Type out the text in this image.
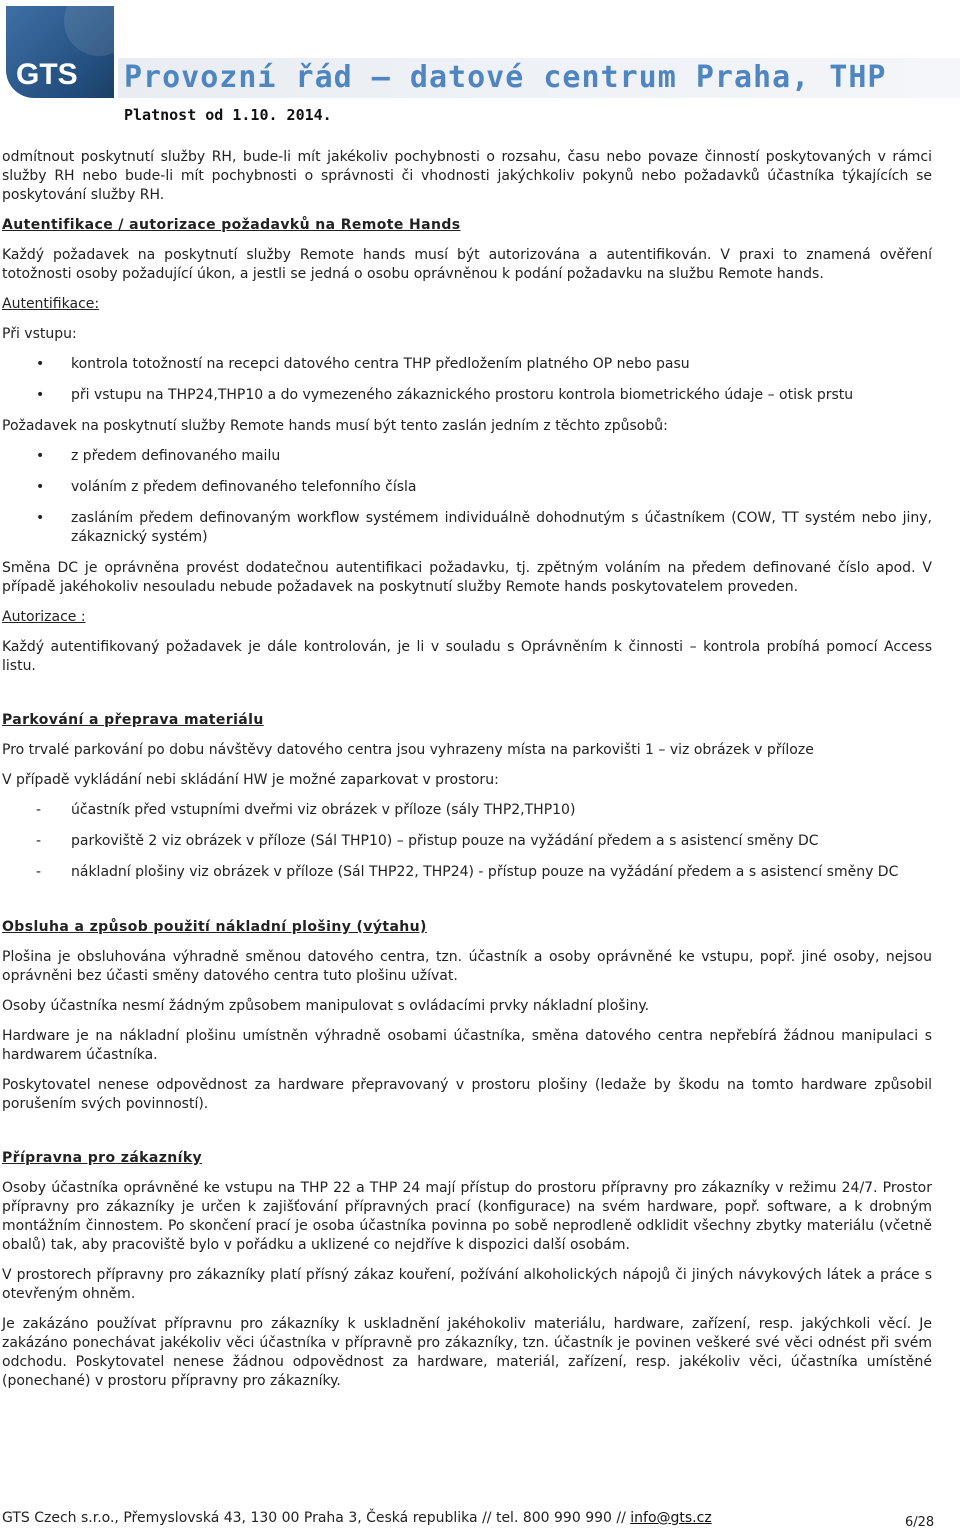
GTS Provozní řád – datové centrum Praha, THP
Platnost od 1.10. 2014.

odmítnout poskytnutí služby RH, bude-li mít jakékoliv pochybnosti o rozsahu, času nebo povaze činností poskytovaných v rámci služby RH nebo bude-li mít pochybnosti o správnosti či vhodnosti jakýchkoliv pokynů nebo požadavků účastníka týkajících se poskytování služby RH.

Autentifikace / autorizace požadavků na Remote Hands

Každý požadavek na poskytnutí služby Remote hands musí být autorizována a autentifikován. V praxi to znamená ověření totožnosti osoby požadující úkon, a jestli se jedná o osobu oprávněnou k podání požadavku na službu Remote hands.

Autentifikace:

Při vstupu:

• kontrola totožností na recepci datového centra THP předložením platného OP nebo pasu
• při vstupu na THP24,THP10 a do vymezeného zákaznického prostoru kontrola biometrického údaje – otisk prstu

Požadavek na poskytnutí služby Remote hands musí být tento zaslán jedním z těchto způsobů:

• z předem definovaného mailu
• voláním z předem definovaného telefonního čísla
• zasláním předem definovaným workflow systémem individuálně dohodnutým s účastníkem (COW, TT systém nebo jiny, zákaznický systém)

Směna DC je oprávněna provést dodatečnou autentifikaci požadavku, tj. zpětným voláním na předem definované číslo apod. V případě jakéhokoliv nesouladu nebude požadavek na poskytnutí služby Remote hands poskytovatelem proveden.

Autorizace :

Každý autentifikovaný požadavek je dále kontrolován, je li v souladu s Oprávněním k činnosti – kontrola probíhá pomocí Access listu.

Parkování a přeprava materiálu

Pro trvalé parkování po dobu návštěvy datového centra jsou vyhrazeny místa na parkovišti 1 – viz obrázek v příloze

V případě vykládání nebi skládání HW je možné zaparkovat v prostoru:

- účastník před vstupními dveřmi viz obrázek v příloze (sály THP2,THP10)
- parkoviště 2 viz obrázek v příloze (Sál THP10) – přistup pouze na vyžádání předem a s asistencí směny DC
- nákladní plošiny viz obrázek v příloze (Sál THP22, THP24) - přístup pouze na vyžádání předem a s asistencí směny DC

Obsluha a způsob použití nákladní plošiny (výtahu)

Plošina je obsluhována výhradně směnou datového centra, tzn. účastník a osoby oprávněné ke vstupu, popř. jiné osoby, nejsou oprávněni bez účasti směny datového centra tuto plošinu užívat.

Osoby účastníka nesmí žádným způsobem manipulovat s ovládacími prvky nákladní plošiny.

Hardware je na nákladní plošinu umístněn výhradně osobami účastníka, směna datového centra nepřebírá žádnou manipulaci s hardwarem účastníka.

Poskytovatel nenese odpovědnost za hardware přepravovaný v prostoru plošiny (ledaže by škodu na tomto hardware způsobil porušením svých povinností).

Přípravna pro zákazníky

Osoby účastníka oprávněné ke vstupu na THP 22 a THP 24 mají přístup do prostoru přípravny pro zákazníky v režimu 24/7. Prostor přípravny pro zákazníky je určen k zajišťování přípravných prací (konfigurace) na svém hardware, popř. software, a k drobným montážním činnostem. Po skončení prací je osoba účastníka povinna po sobě neprodleně odklidit všechny zbytky materiálu (včetně obalů) tak, aby pracoviště bylo v pořádku a uklizené co nejdříve k dispozici další osobám.

V prostorech přípravny pro zákazníky platí přísný zákaz kouření, požívání alkoholických nápojů či jiných návykových látek a práce s otevřeným ohněm.

Je zakázáno používat přípravnu pro zákazníky k uskladnění jakéhokoliv materiálu, hardware, zařízení, resp. jakýchkoli věcí. Je zakázáno ponechávat jakékoliv věci účastníka v přípravně pro zákazníky, tzn. účastník je povinen veškeré své věci odnést při svém odchodu. Poskytovatel nenese žádnou odpovědnost za hardware, materiál, zařízení, resp. jakékoliv věci, účastníka umístěné (ponechané) v prostoru přípravny pro zákazníky.

GTS Czech s.r.o., Přemyslovská 43, 130 00 Praha 3, Česká republika // tel. 800 990 990 // info@gts.cz	6/28
